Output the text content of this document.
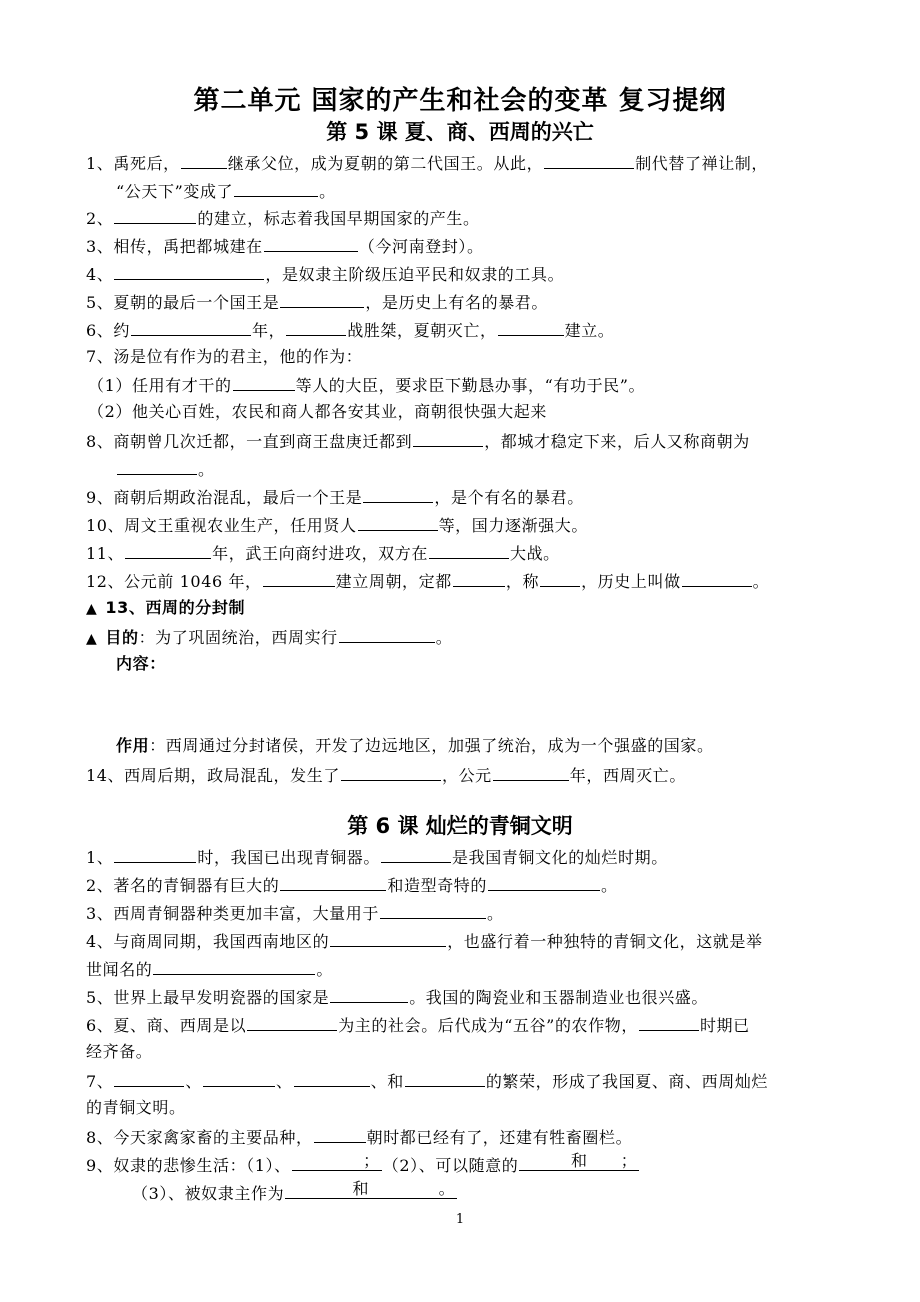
第二单元 国家的产生和社会的变革 复习提纲
第 5 课 夏、商、西周的兴亡
1、禹死后，	继承父位，成为夏朝的第二代国王。从此，	制代替了禅让制，
“公天下”变成了	。
2、	的建立，标志着我国早期国家的产生。
3、相传，禹把都城建在	（今河南登封）。
4、	，是奴隶主阶级压迫平民和奴隶的工具。
5、夏朝的最后一个国王是	，是历史上有名的暴君。
6、约	年，	战胜桀，夏朝灭亡，	建立。
7、汤是位有作为的君主，他的作为：
（1）任用有才干的	等人的大臣，要求臣下勤恳办事，“有功于民”。
（2）他关心百姓，农民和商人都各安其业，商朝很快强大起来
8、商朝曾几次迁都，一直到商王盘庚迁都到	，都城才稳定下来，后人又称商朝为
。
9、商朝后期政治混乱，最后一个王是	，是个有名的暴君。
10、周文王重视农业生产，任用贤人	等，国力逐渐强大。
11、	年，武王向商纣进攻，双方在	大战。
12、公元前 1046 年，	建立周朝，定都	，称	，历史上叫做	。
▲ 13、西周的分封制
▲ 目的：为了巩固统治，西周实行	。
内容：
作用：西周通过分封诸侯，开发了边远地区，加强了统治，成为一个强盛的国家。
14、西周后期，政局混乱，发生了	，公元	年，西周灭亡。
第 6 课 灿烂的青铜文明
1、	时，我国已出现青铜器。	是我国青铜文化的灿烂时期。
2、著名的青铜器有巨大的	和造型奇特的	。
3、西周青铜器种类更加丰富，大量用于	。
4、与商周同期，我国西南地区的	，也盛行着一种独特的青铜文化，这就是举
世闻名的	。
5、世界上最早发明瓷器的国家是	。我国的陶瓷业和玉器制造业也很兴盛。
6、夏、商、西周是以	为主的社会。后代成为“五谷”的农作物，	时期已
经齐备。
7、	、	、	、和	的繁荣，形成了我国夏、商、西周灿烂
的青铜文明。
8、今天家禽家畜的主要品种，	朝时都已经有了，还建有牲畜圈栏。
9、奴隶的悲惨生活：（1）、	； （2）、可以随意的	和 ；
（3）、被奴隶主作为	和	。
1
